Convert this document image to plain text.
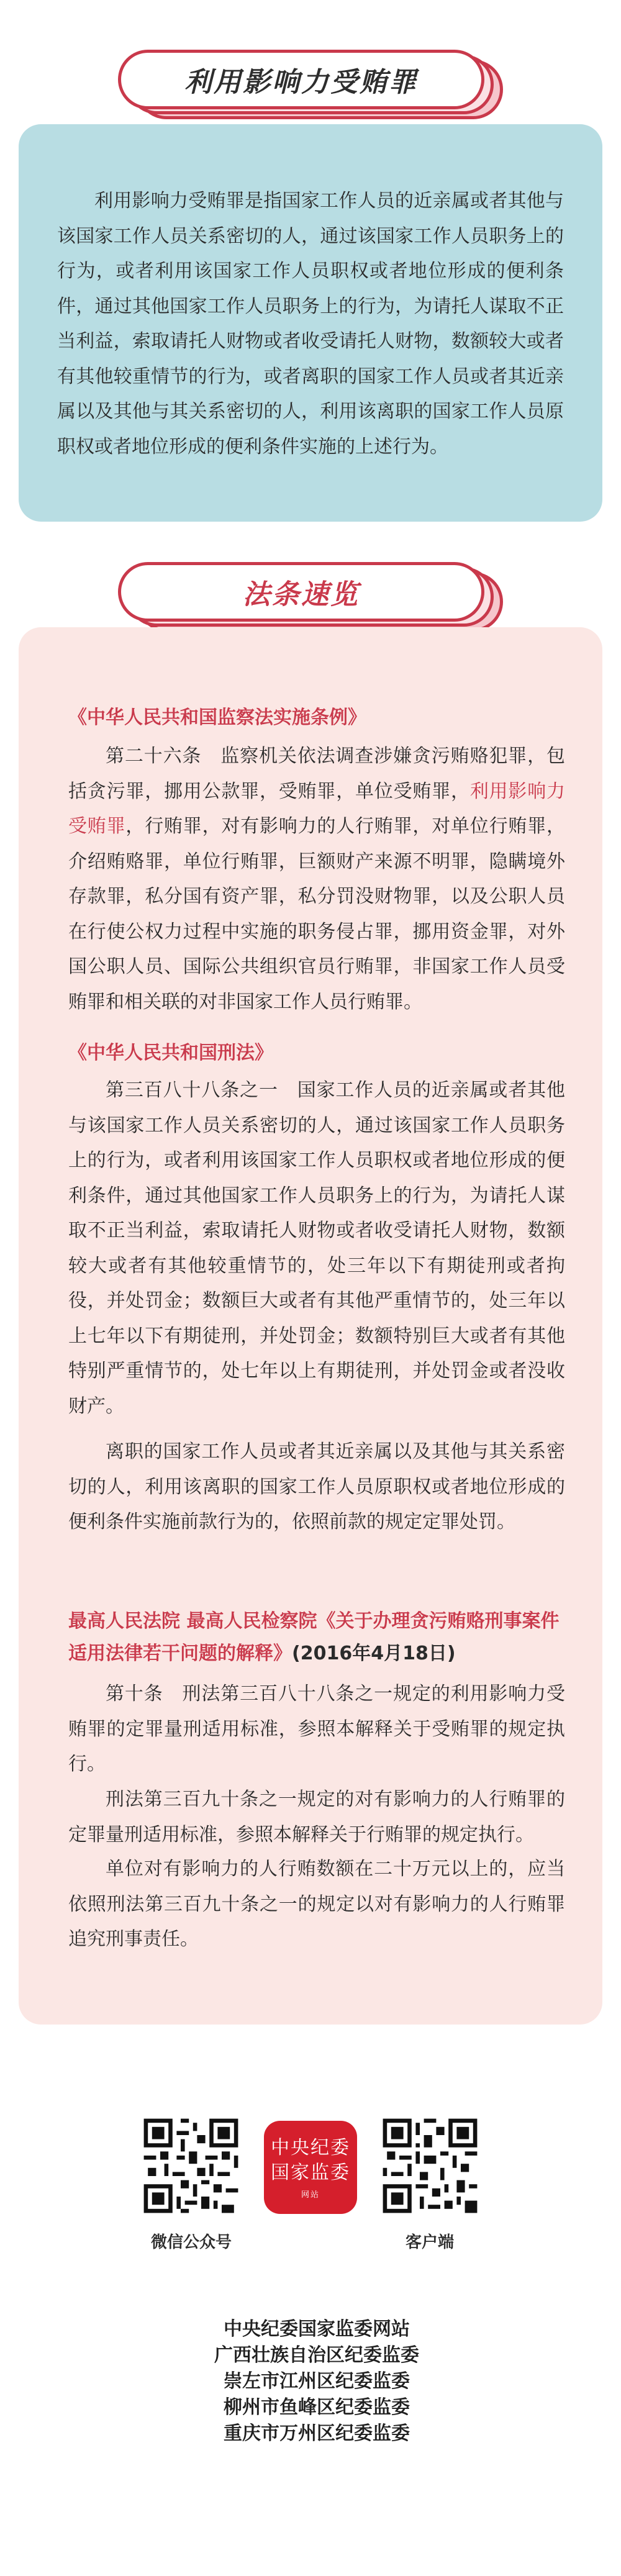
利用影响力受贿罪

利用影响力受贿罪是指国家工作人员的近亲属或者其他与该国家工作人员关系密切的人，通过该国家工作人员职务上的行为，或者利用该国家工作人员职权或者地位形成的便利条件，通过其他国家工作人员职务上的行为，为请托人谋取不正当利益，索取请托人财物或者收受请托人财物，数额较大或者有其他较重情节的行为，或者离职的国家工作人员或者其近亲属以及其他与其关系密切的人，利用该离职的国家工作人员原职权或者地位形成的便利条件实施的上述行为。

法条速览
《中华人民共和国监察法实施条例》

第二十六条　监察机关依法调查涉嫌贪污贿赂犯罪，包括贪污罪，挪用公款罪，受贿罪，单位受贿罪，利用影响力受贿罪，行贿罪，对有影响力的人行贿罪，对单位行贿罪，介绍贿赂罪，单位行贿罪，巨额财产来源不明罪，隐瞒境外存款罪，私分国有资产罪，私分罚没财物罪，以及公职人员在行使公权力过程中实施的职务侵占罪，挪用资金罪，对外国公职人员、国际公共组织官员行贿罪，非国家工作人员受贿罪和相关联的对非国家工作人员行贿罪。

《中华人民共和国刑法》

第三百八十八条之一　国家工作人员的近亲属或者其他与该国家工作人员关系密切的人，通过该国家工作人员职务上的行为，或者利用该国家工作人员职权或者地位形成的便利条件，通过其他国家工作人员职务上的行为，为请托人谋取不正当利益，索取请托人财物或者收受请托人财物，数额较大或者有其他较重情节的，处三年以下有期徒刑或者拘役，并处罚金；数额巨大或者有其他严重情节的，处三年以上七年以下有期徒刑，并处罚金；数额特别巨大或者有其他特别严重情节的，处七年以上有期徒刑，并处罚金或者没收财产。

离职的国家工作人员或者其近亲属以及其他与其关系密切的人，利用该离职的国家工作人员原职权或者地位形成的便利条件实施前款行为的，依照前款的规定定罪处罚。

最高人民法院 最高人民检察院《关于办理贪污贿赂刑事案件适用法律若干问题的解释》(2016年4月18日)

第十条　刑法第三百八十八条之一规定的利用影响力受贿罪的定罪量刑适用标准，参照本解释关于受贿罪的规定执行。

刑法第三百九十条之一规定的对有影响力的人行贿罪的定罪量刑适用标准，参照本解释关于行贿罪的规定执行。

单位对有影响力的人行贿数额在二十万元以上的，应当依照刑法第三百九十条之一的规定以对有影响力的人行贿罪追究刑事责任。

微信公众号
中央纪委
国家监委
网站
客户端
中央纪委国家监委网站
广西壮族自治区纪委监委
崇左市江州区纪委监委
柳州市鱼峰区纪委监委
重庆市万州区纪委监委
